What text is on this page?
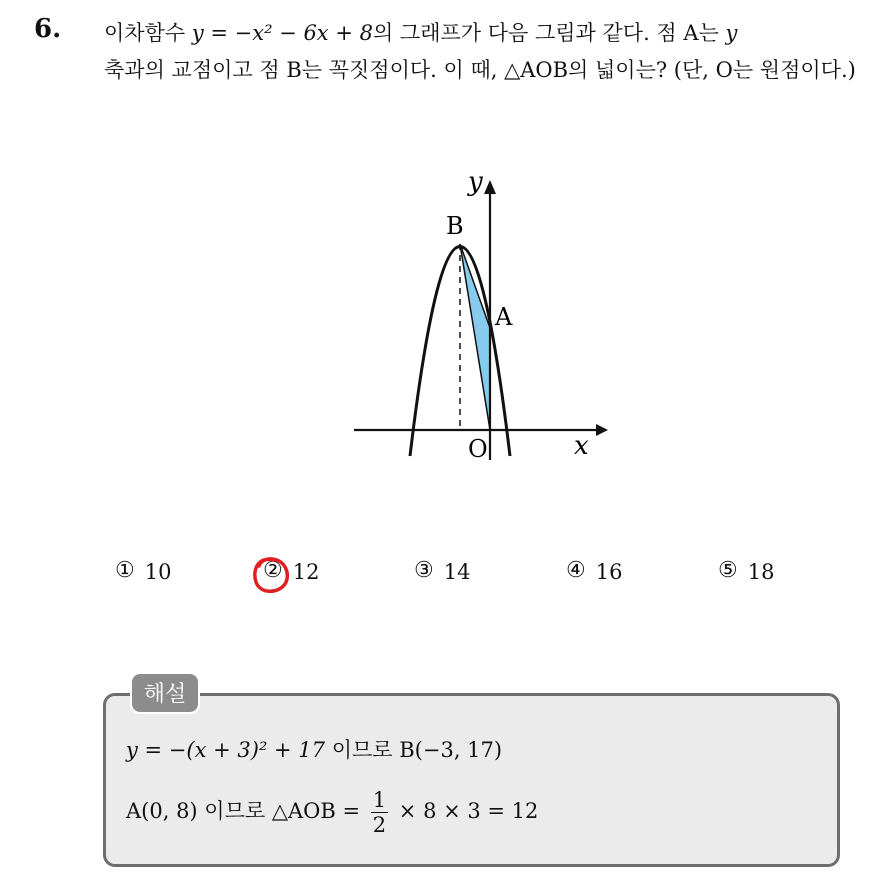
6. 이차함수 y = −x² − 6x + 8의 그래프가 다음 그림과 같다. 점 A는 y
축과의 교점이고 점 B는 꼭짓점이다. 이 때, △AOB의 넓이는? (단, O는 원점이다.)
y
x
B
A
O
① 10	② 12	③ 14	④ 16	⑤ 18
해설
y = −(x + 3)² + 17 이므로 B(−3, 17)
A(0, 8) 이므로 △AOB = $\frac{1}{2} \times 8 \times 3 = 12$
